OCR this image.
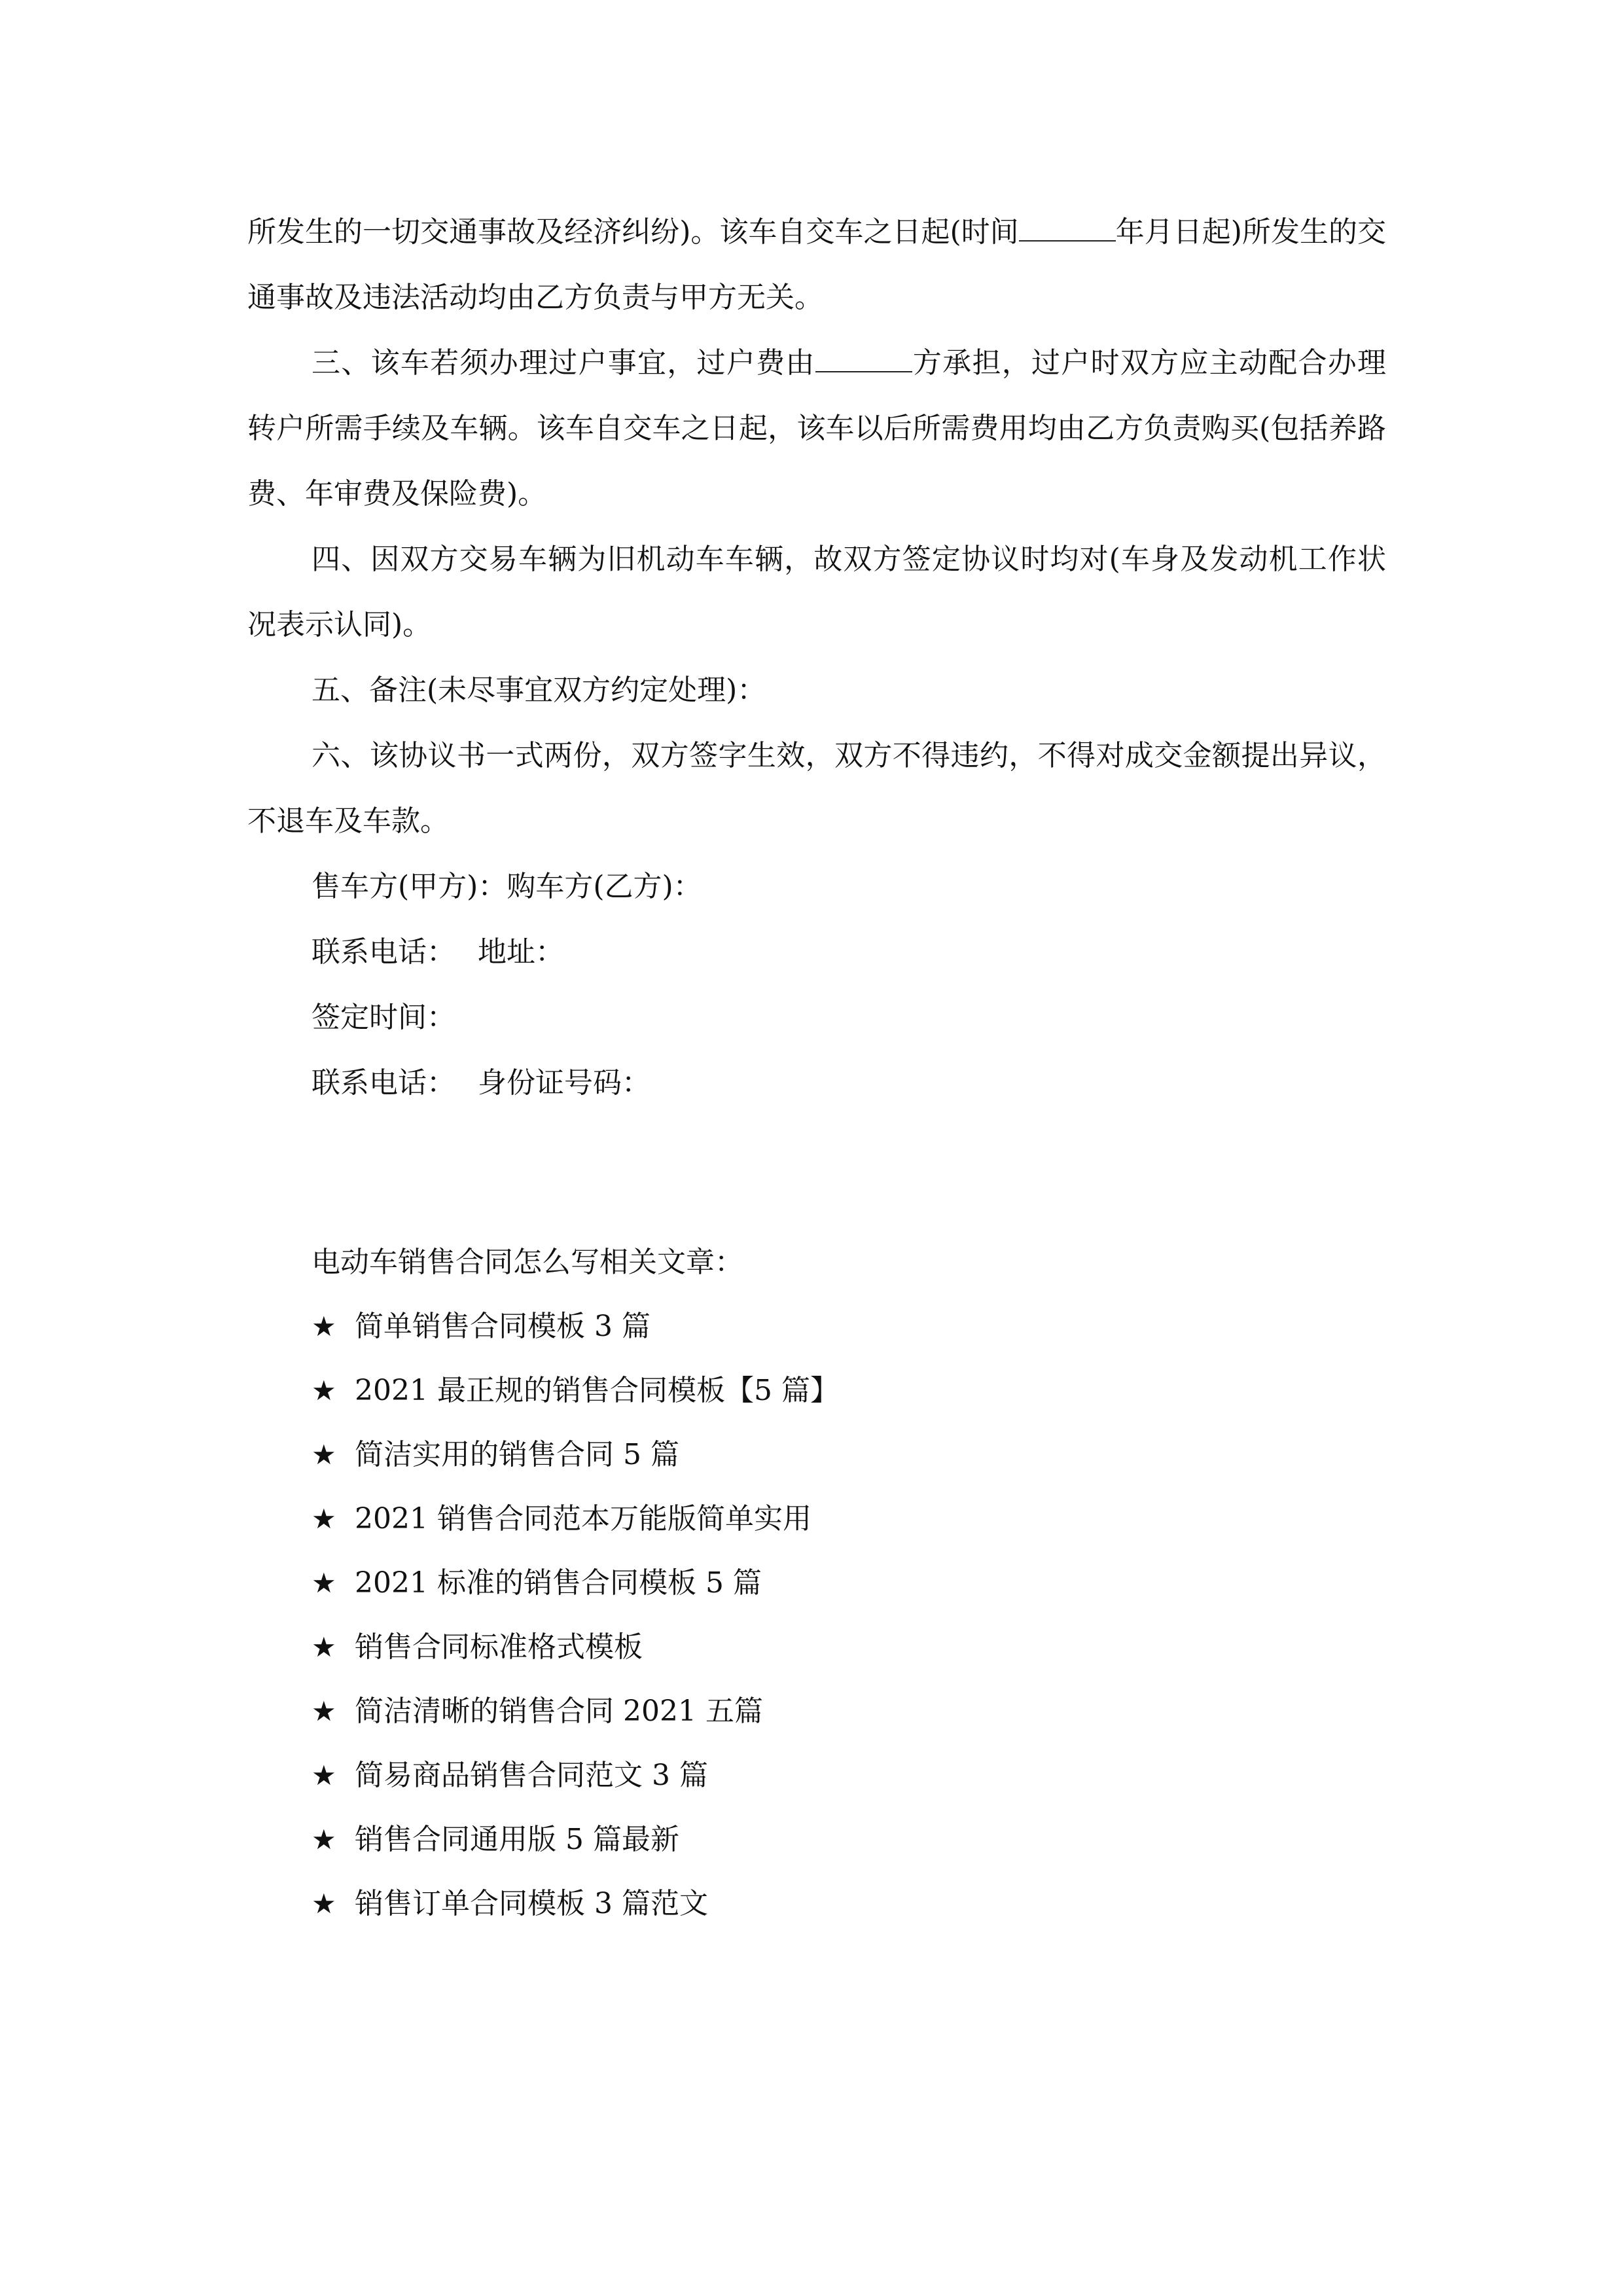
所发生的一切交通事故及经济纠纷)。该车自交车之日起(时间	年月日起)所发生的交通事故及违法活动均由乙方负责与甲方无关。

三、该车若须办理过户事宜，过户费由	方承担，过户时双方应主动配合办理转户所需手续及车辆。该车自交车之日起，该车以后所需费用均由乙方负责购买(包括养路费、年审费及保险费)。

四、因双方交易车辆为旧机动车车辆，故双方签定协议时均对(车身及发动机工作状况表示认同)。

五、备注(未尽事宜双方约定处理)：

六、该协议书一式两份，双方签字生效，双方不得违约，不得对成交金额提出异议，不退车及车款。

售车方(甲方)：购车方(乙方)：

联系电话： 地址：

签定时间：

联系电话： 身份证号码：

电动车销售合同怎么写相关文章：

★ 简单销售合同模板 3 篇
★ 2021 最正规的销售合同模板【5 篇】
★ 简洁实用的销售合同 5 篇
★ 2021 销售合同范本万能版简单实用
★ 2021 标准的销售合同模板 5 篇
★ 销售合同标准格式模板
★ 简洁清晰的销售合同 2021 五篇
★ 简易商品销售合同范文 3 篇
★ 销售合同通用版 5 篇最新
★ 销售订单合同模板 3 篇范文
